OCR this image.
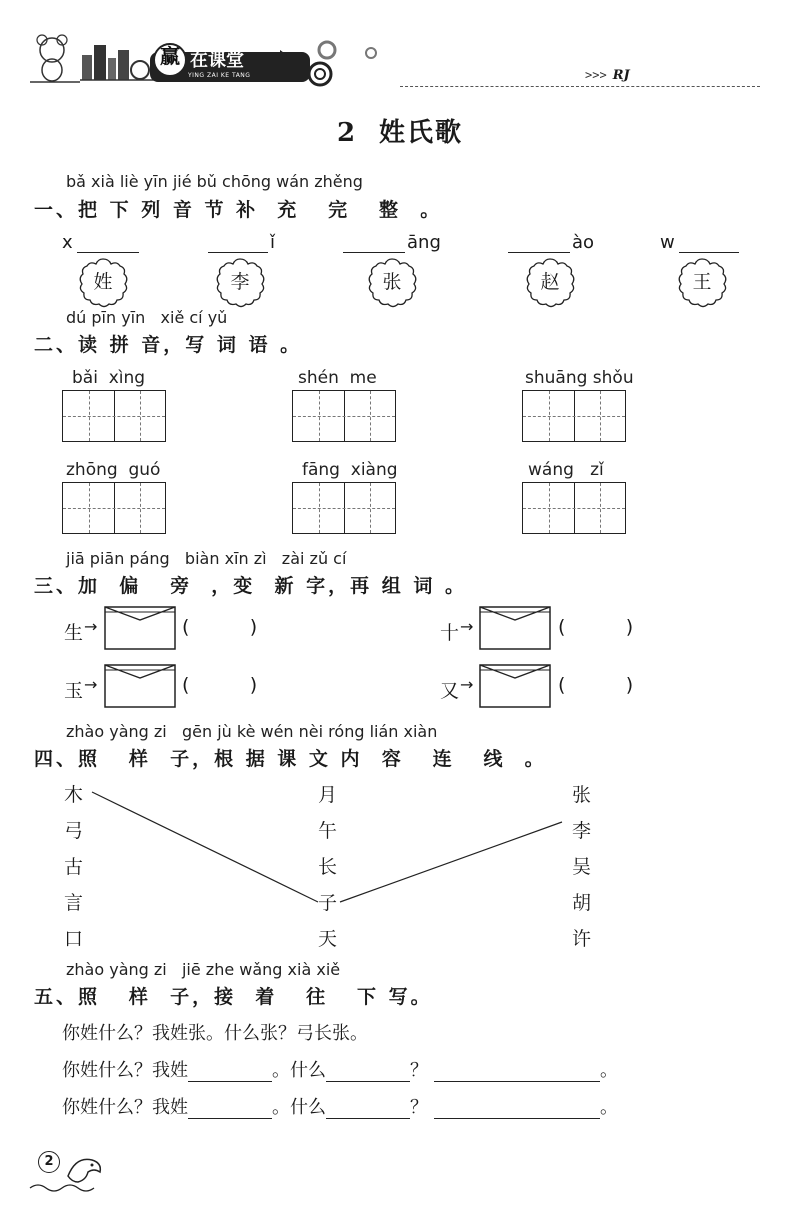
赢 在课堂
YING ZAI KE TANG	>>> RJ
2 姓氏歌
bǎ xià liè yīn jié bǔ chōng wán zhěng
一、把 下 列 音 节 补  充   完   整  。
x	ǐ	āng	ào	w
姓	李	张	赵	王
dú pīn yīn   xiě cí yǔ
二、读 拼 音，写 词 语 。
bǎi  xìng	shén  me	shuāng shǒu
zhōng  guó	fāng  xiàng	wáng   zǐ
jiā piān páng   biàn xīn zì   zài zǔ cí
三、加  偏   旁  ，变  新 字，再 组 词 。
生 →	(          )	十 →	(          )
玉 →	(          )	又 →	(          )
zhào yàng zi   gēn jù kè wén nèi róng lián xiàn
四、照   样  子，根 据 课 文 内  容   连   线  。
木
弓
古
言
口
月
午
长
子
天
张
李
吴
胡
许
zhào yàng zi   jiē zhe wǎng xià xiě
五、照   样  子，接  着   往   下 写。
你姓什么？我姓张。什么张？弓长张。
你姓什么？我姓	。什么	？	。
你姓什么？我姓	。什么	？	。
2
